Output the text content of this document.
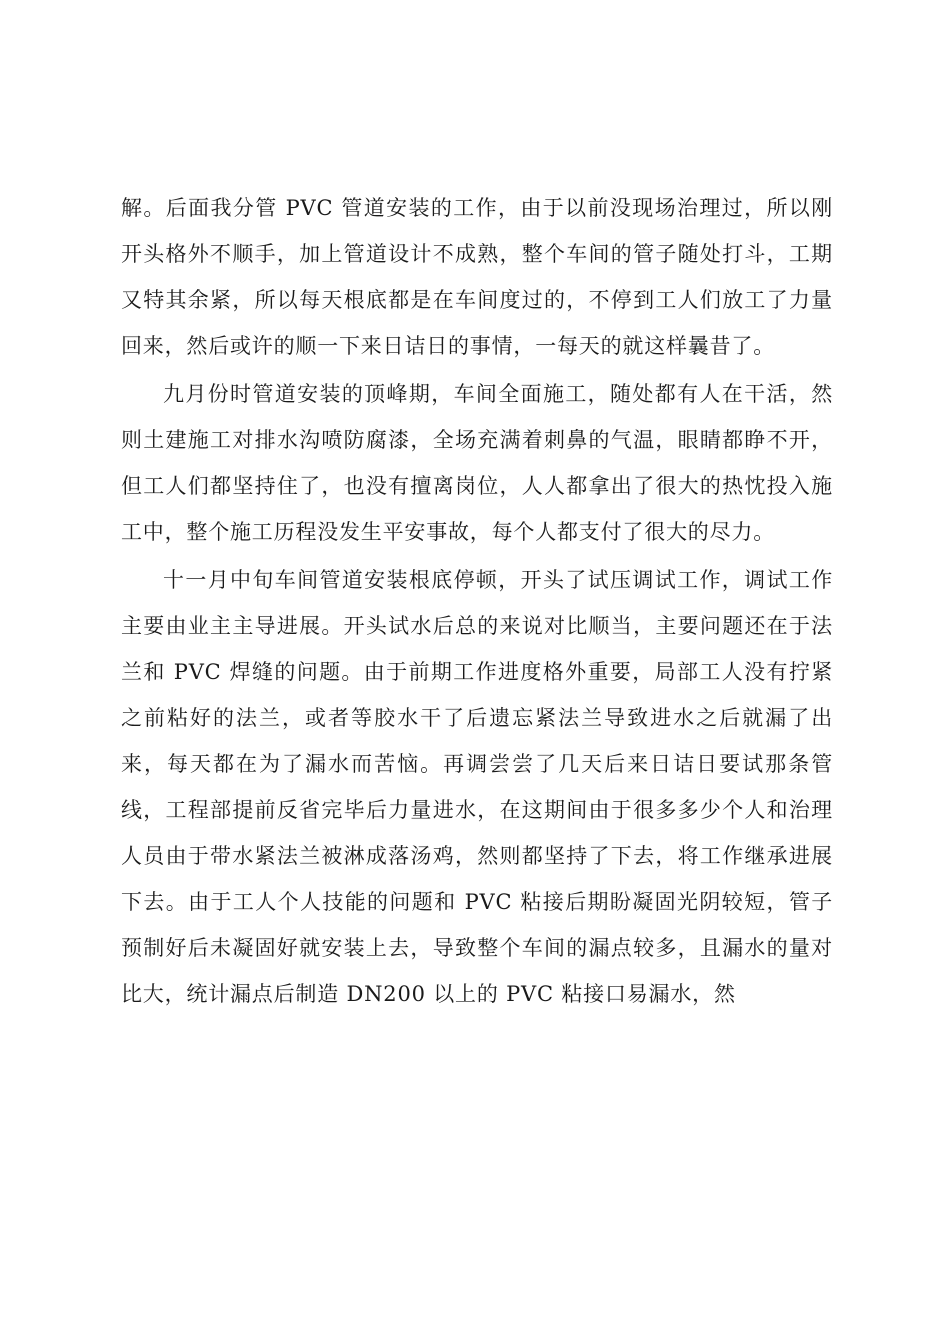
解。后面我分管 PVC 管道安装的工作，由于以前没现场治理过，所以刚开头格外不顺手，加上管道设计不成熟，整个车间的管子随处打斗，工期又特其余紧，所以每天根底都是在车间度过的，不停到工人们放工了力量回来，然后或许的顺一下来日诘日的事情，一每天的就这样曩昔了。

九月份时管道安装的顶峰期，车间全面施工，随处都有人在干活，然则土建施工对排水沟喷防腐漆，全场充满着刺鼻的气温，眼睛都睁不开，但工人们都坚持住了，也没有擅离岗位，人人都拿出了很大的热忱投入施工中，整个施工历程没发生平安事故，每个人都支付了很大的尽力。

十一月中旬车间管道安装根底停顿，开头了试压调试工作，调试工作主要由业主主导进展。开头试水后总的来说对比顺当，主要问题还在于法兰和 PVC 焊缝的问题。由于前期工作进度格外重要，局部工人没有拧紧之前粘好的法兰，或者等胶水干了后遗忘紧法兰导致进水之后就漏了出来，每天都在为了漏水而苦恼。再调尝尝了几天后来日诘日要试那条管线，工程部提前反省完毕后力量进水，在这期间由于很多多少个人和治理人员由于带水紧法兰被淋成落汤鸡，然则都坚持了下去，将工作继承进展下去。由于工人个人技能的问题和 PVC 粘接后期盼凝固光阴较短，管子预制好后未凝固好就安装上去，导致整个车间的漏点较多，且漏水的量对比大，统计漏点后制造 DN200 以上的 PVC 粘接口易漏水，然
